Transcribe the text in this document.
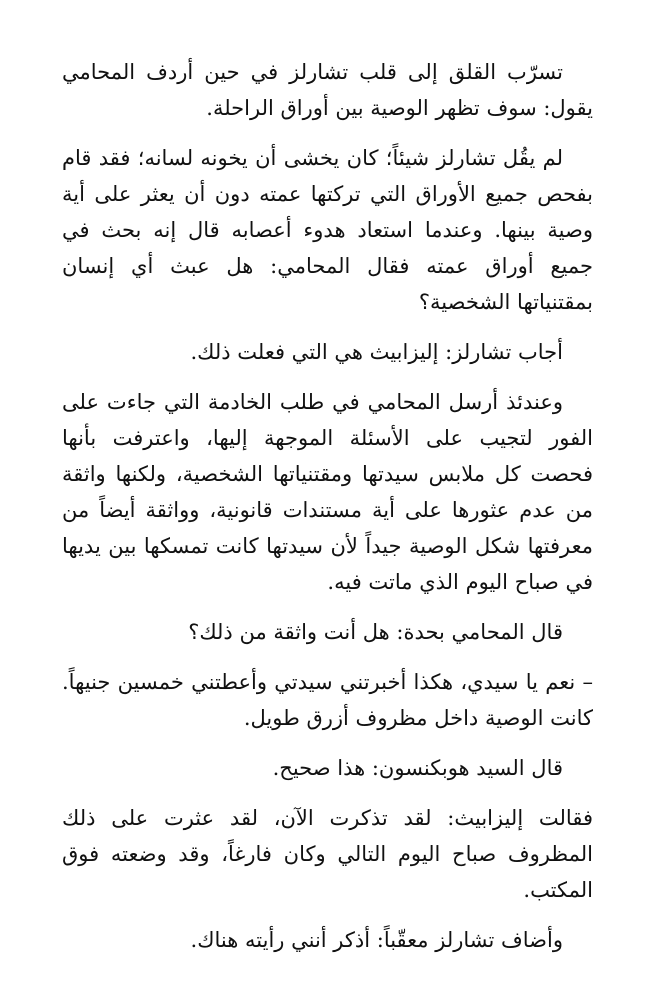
تسرّب القلق إلى قلب تشارلز في حين أردف المحامي يقول: سوف تظهر الوصية بين أوراق الراحلة.

لم يقُل تشارلز شيئاً؛ كان يخشى أن يخونه لسانه؛ فقد قام بفحص جميع الأوراق التي تركتها عمته دون أن يعثر على أية وصية بينها. وعندما استعاد هدوء أعصابه قال إنه بحث في جميع أوراق عمته فقال المحامي: هل عبث أي إنسان بمقتنياتها الشخصية؟

أجاب تشارلز: إليزابيث هي التي فعلت ذلك.

وعندئذ أرسل المحامي في طلب الخادمة التي جاءت على الفور لتجيب على الأسئلة الموجهة إليها، واعترفت بأنها فحصت كل ملابس سيدتها ومقتنياتها الشخصية، ولكنها واثقة من عدم عثورها على أية مستندات قانونية، وواثقة أيضاً من معرفتها شكل الوصية جيداً لأن سيدتها كانت تمسكها بين يديها في صباح اليوم الذي ماتت فيه.

قال المحامي بحدة: هل أنت واثقة من ذلك؟

– نعم يا سيدي، هكذا أخبرتني سيدتي وأعطتني خمسين جنيهاً. كانت الوصية داخل مظروف أزرق طويل.

قال السيد هوبكنسون: هذا صحيح.

فقالت إليزابيث: لقد تذكرت الآن، لقد عثرت على ذلك المظروف صباح اليوم التالي وكان فارغاً، وقد وضعته فوق المكتب.

وأضاف تشارلز معقّباً: أذكر أنني رأيته هناك.
